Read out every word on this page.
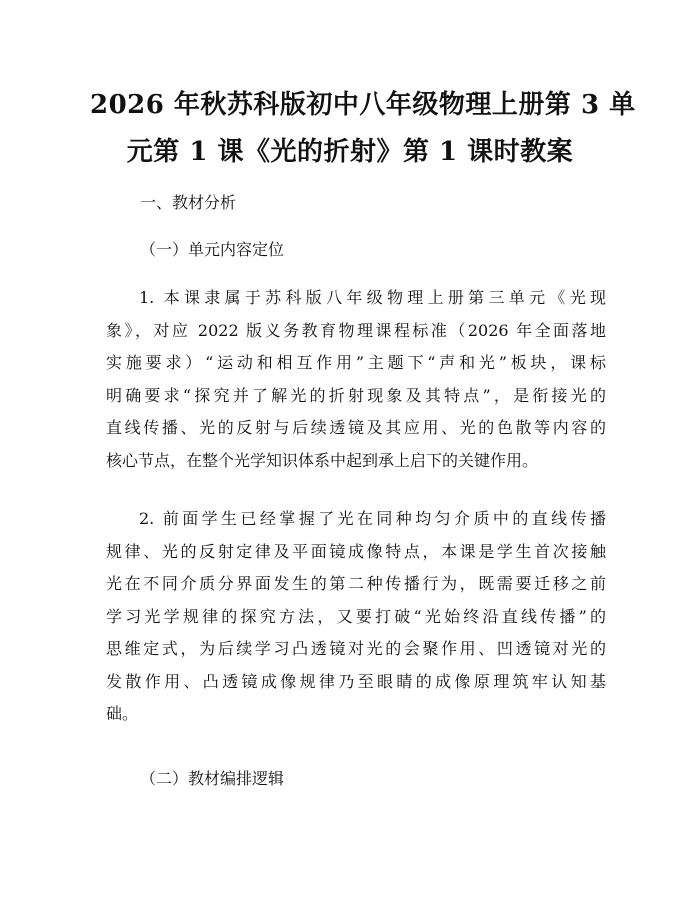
2026 年秋苏科版初中八年级物理上册第 3 单
元第 1 课《光的折射》第 1 课时教案
一、教材分析
（一）单元内容定位
1. 本课隶属于苏科版八年级物理上册第三单元《光现
象》，对应 2022 版义务教育物理课程标准（2026 年全面落地
实施要求）“运动和相互作用”主题下“声和光”板块，课标
明确要求“探究并了解光的折射现象及其特点”，是衔接光的
直线传播、光的反射与后续透镜及其应用、光的色散等内容的
核心节点，在整个光学知识体系中起到承上启下的关键作用。
2. 前面学生已经掌握了光在同种均匀介质中的直线传播
规律、光的反射定律及平面镜成像特点，本课是学生首次接触
光在不同介质分界面发生的第二种传播行为，既需要迁移之前
学习光学规律的探究方法，又要打破“光始终沿直线传播”的
思维定式，为后续学习凸透镜对光的会聚作用、凹透镜对光的
发散作用、凸透镜成像规律乃至眼睛的成像原理筑牢认知基
础。
（二）教材编排逻辑
